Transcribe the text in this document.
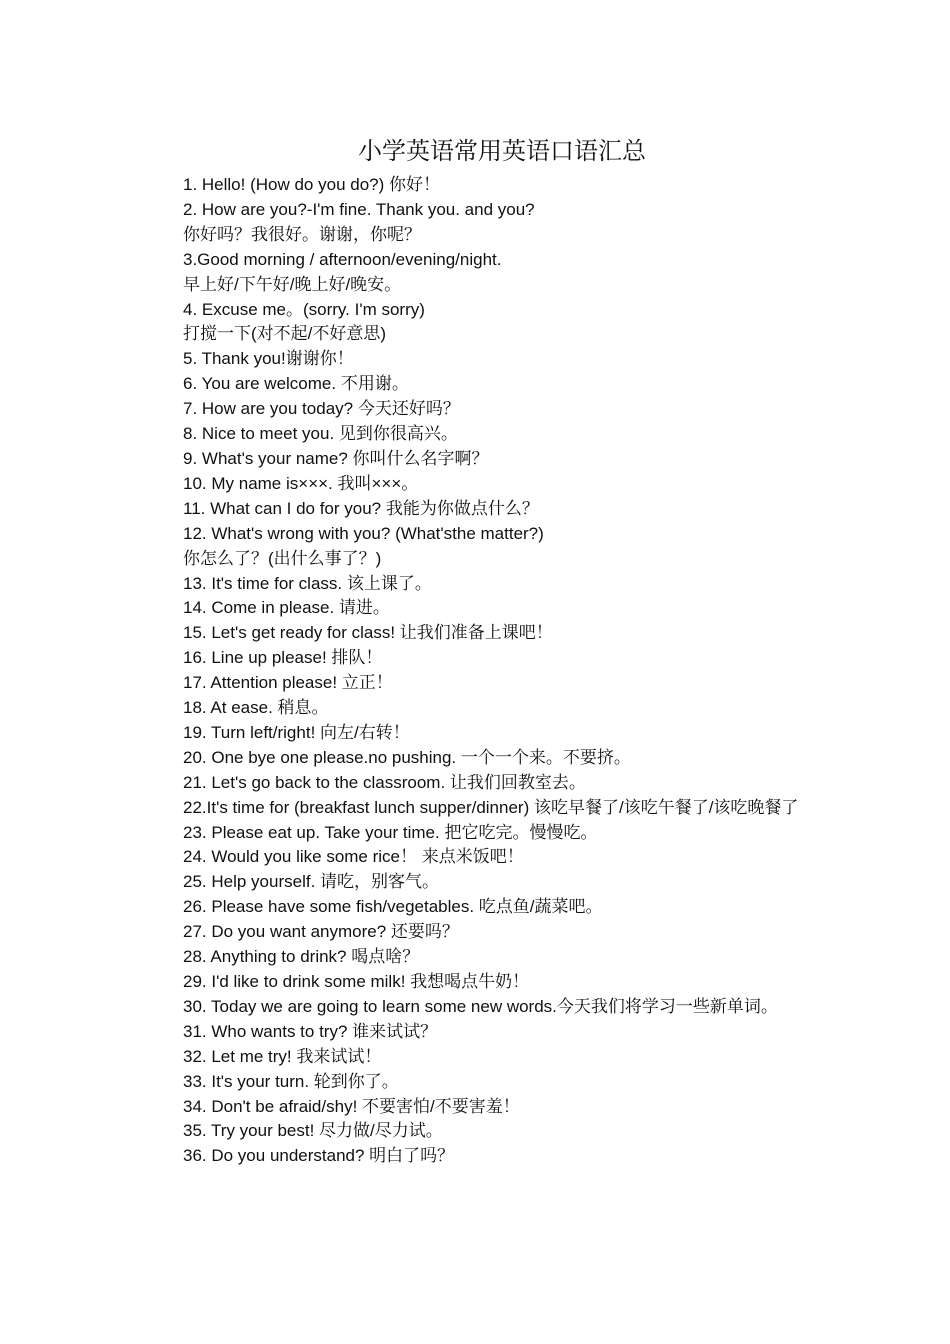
小学英语常用英语口语汇总
1. Hello! (How do you do?) 你好！
2. How are you?-I'm fine. Thank you. and you?
你好吗？我很好。谢谢，你呢？
3.Good morning / afternoon/evening/night.
早上好/下午好/晚上好/晚安。
4. Excuse me。(sorry. I'm sorry)
打搅一下(对不起/不好意思)
5. Thank you!谢谢你！
6. You are welcome. 不用谢。
7. How are you today? 今天还好吗？
8. Nice to meet you. 见到你很高兴。
9. What's your name? 你叫什么名字啊？
10. My name is×××. 我叫×××。
11. What can I do for you? 我能为你做点什么？
12. What's wrong with you? (What'sthe matter?)
你怎么了？(出什么事了？)
13. It's time for class. 该上课了。
14. Come in please. 请进。
15. Let's get ready for class! 让我们准备上课吧！
16. Line up please! 排队！
17. Attention please! 立正！
18. At ease. 稍息。
19. Turn left/right! 向左/右转！
20. One bye one please.no pushing. 一个一个来。不要挤。
21. Let's go back to the classroom. 让我们回教室去。
22.It's time for (breakfast lunch supper/dinner) 该吃早餐了/该吃午餐了/该吃晚餐了
23. Please eat up. Take your time. 把它吃完。慢慢吃。
24. Would you like some rice！ 来点米饭吧！
25. Help yourself. 请吃，别客气。
26. Please have some fish/vegetables. 吃点鱼/蔬菜吧。
27. Do you want anymore? 还要吗？
28. Anything to drink? 喝点啥？
29. I'd like to drink some milk! 我想喝点牛奶！
30. Today we are going to learn some new words.今天我们将学习一些新单词。
31. Who wants to try? 谁来试试？
32. Let me try! 我来试试！
33. It's your turn. 轮到你了。
34. Don't be afraid/shy! 不要害怕/不要害羞！
35. Try your best! 尽力做/尽力试。
36. Do you understand? 明白了吗？
